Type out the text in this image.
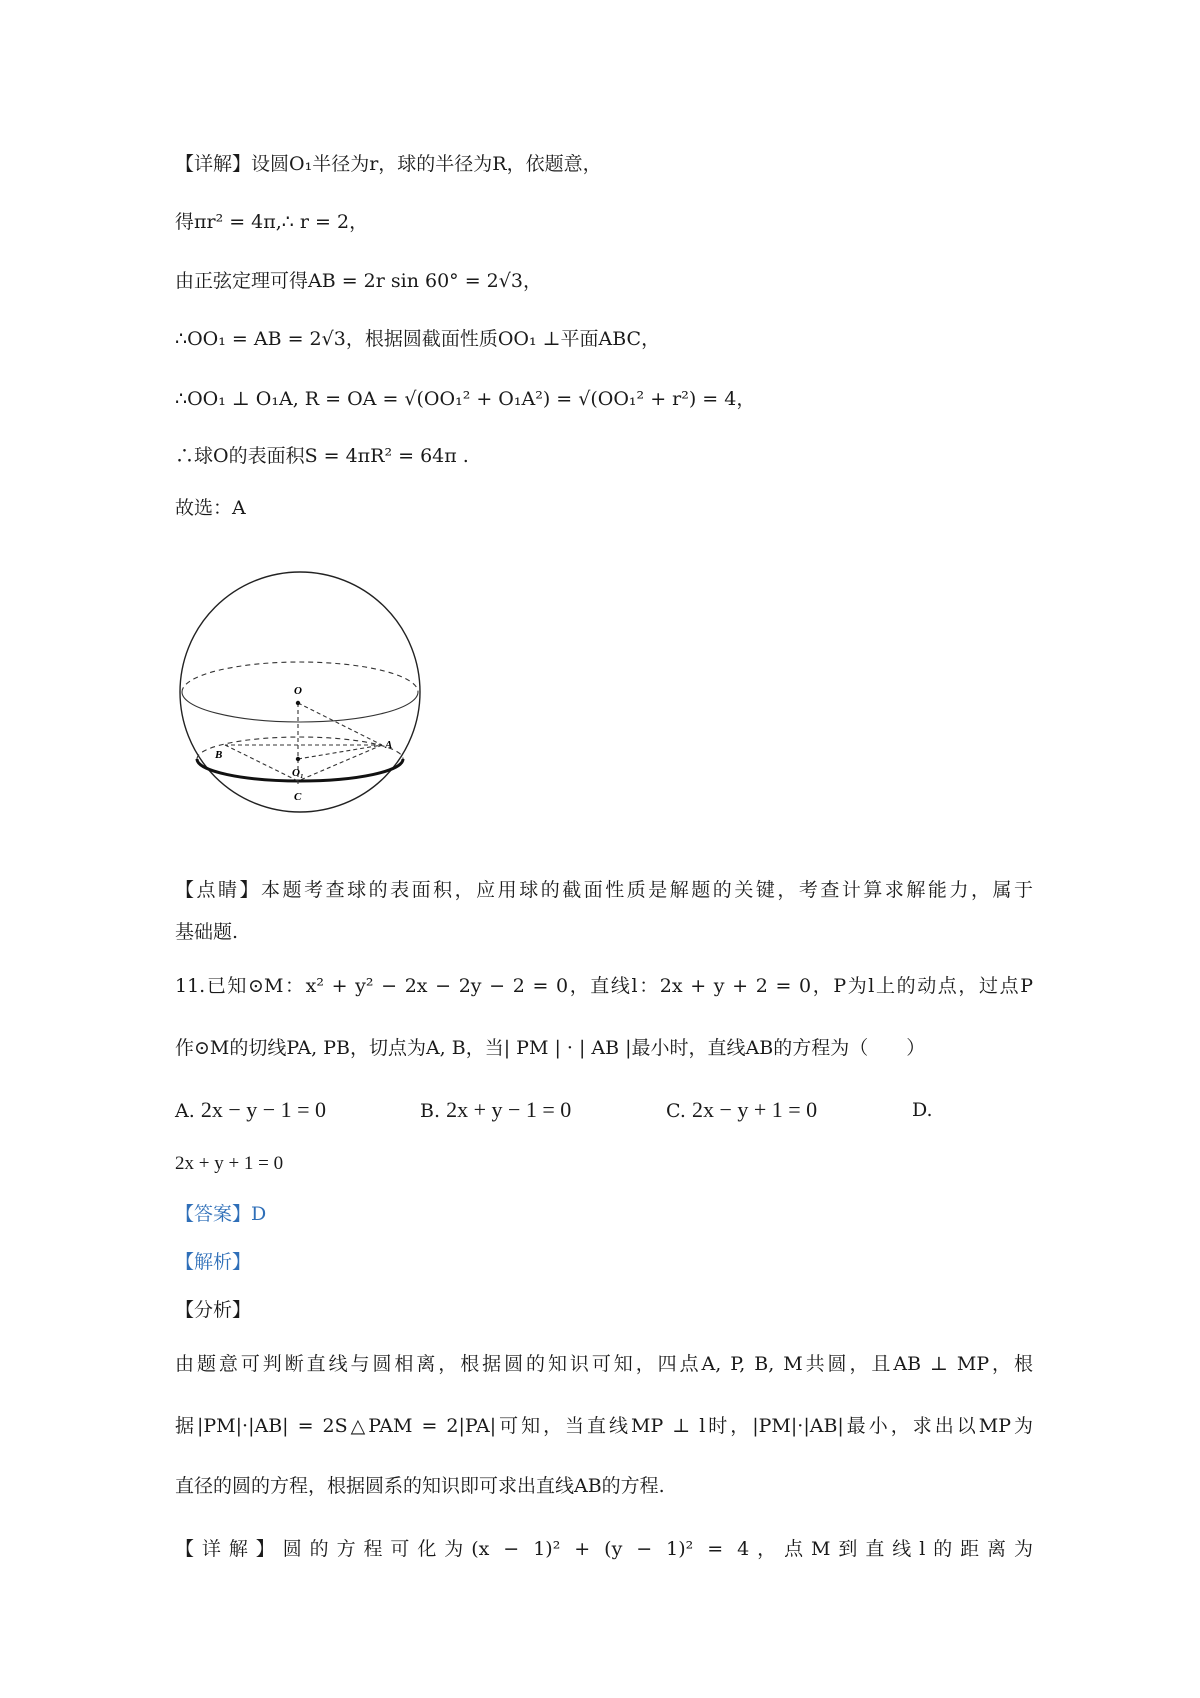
【详解】设圆O₁半径为r，球的半径为R，依题意，
得πr² = 4π,∴ r = 2，
由正弦定理可得AB = 2r sin 60° = 2√3，
∴OO₁ = AB = 2√3，根据圆截面性质OO₁ ⊥平面ABC，
∴OO₁ ⊥ O₁A, R = OA = √(OO₁² + O₁A²) = √(OO₁² + r²) = 4，
∴球O的表面积S = 4πR² = 64π .
故选：A
O
A
B
O₁
C
【点睛】本题考查球的表面积，应用球的截面性质是解题的关键，考查计算求解能力，属于
基础题.
11.已知⊙M：x² + y² − 2x − 2y − 2 = 0，直线l：2x + y + 2 = 0，P为l上的动点，过点P
作⊙M的切线PA, PB，切点为A, B，当| PM | · | AB |最小时，直线AB的方程为（　　）
A. 2x − y − 1 = 0	B. 2x + y − 1 = 0	C. 2x − y + 1 = 0	D.
2x + y + 1 = 0
【答案】D
【解析】
【分析】
由题意可判断直线与圆相离，根据圆的知识可知，四点A, P, B, M共圆，且AB ⊥ MP，根
据|PM|·|AB| = 2S△PAM = 2|PA|可知，当直线MP ⊥ l时，|PM|·|AB|最小，求出以MP为
直径的圆的方程，根据圆系的知识即可求出直线AB的方程.
【详解】圆的方程可化为(x − 1)² + (y − 1)² = 4，点M到直线l的距离为
